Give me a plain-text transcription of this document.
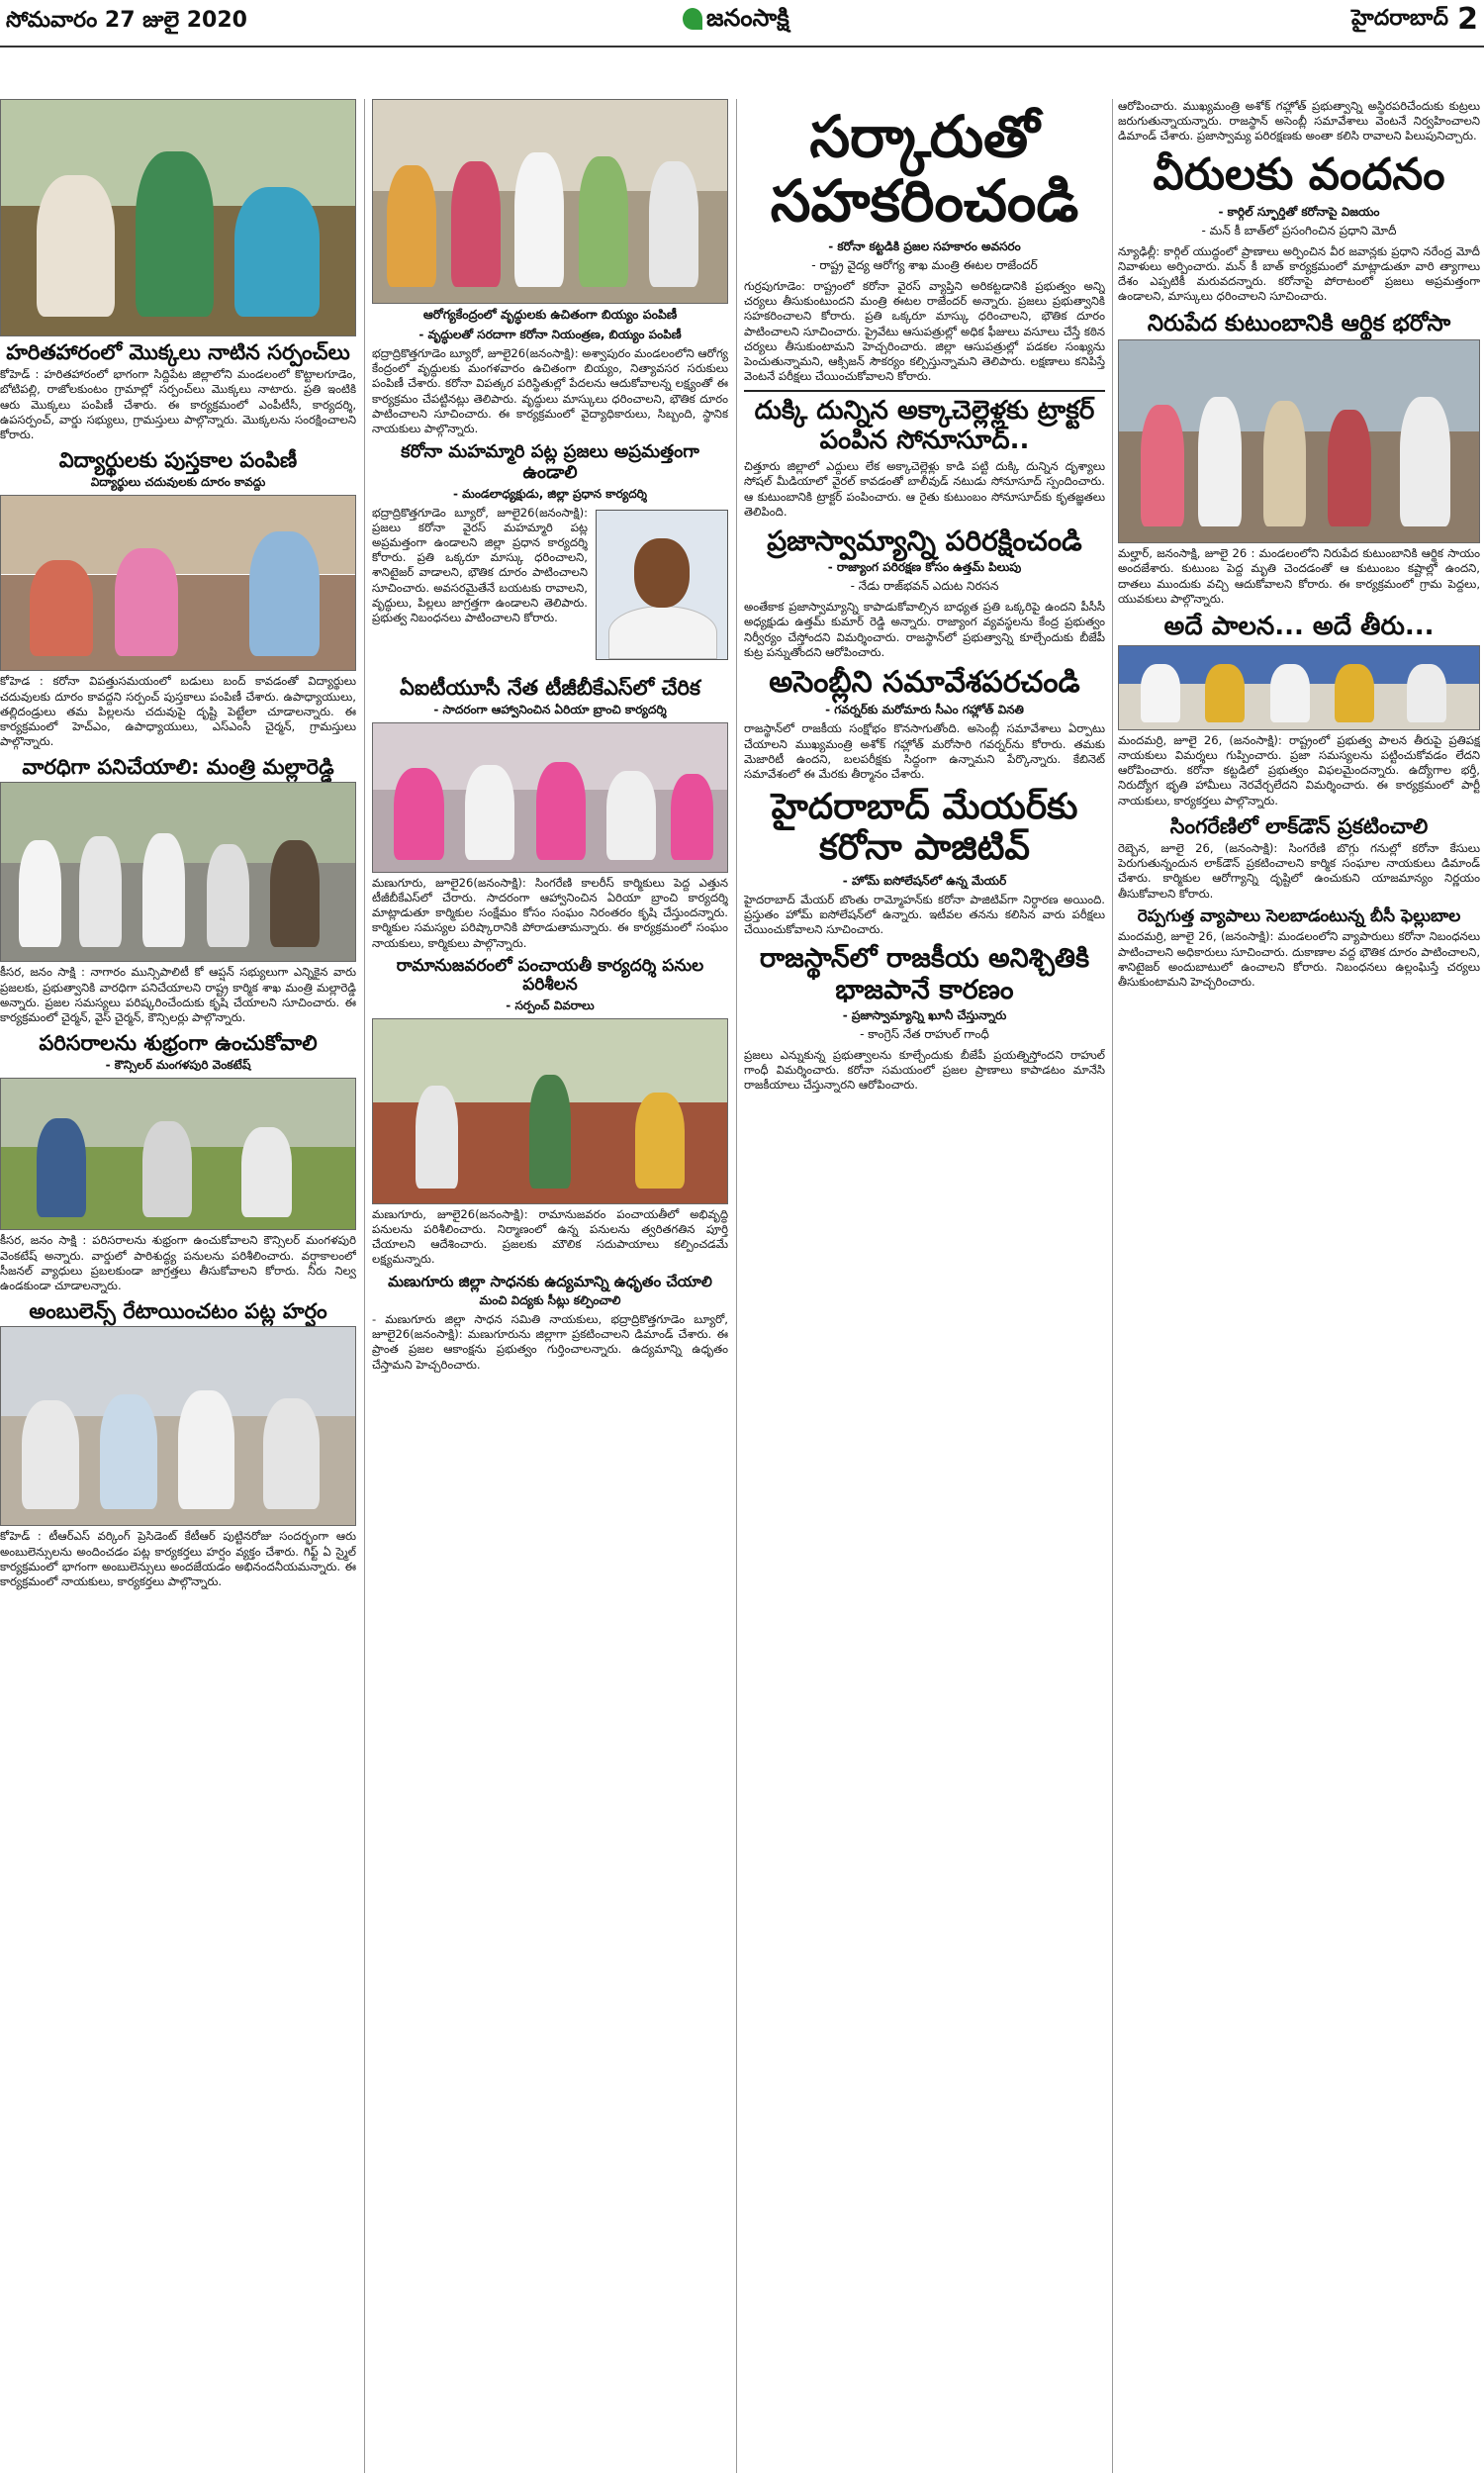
సోమవారం 27 జులై 2020	జనంసాక్షి	హైదరాబాద్ 2
హరితహారంలో మొక్కలు నాటిన సర్పంచ్‌లు
కోహెడ్ : హరితహారంలో భాగంగా సిద్దిపేట జిల్లాలోని మండలంలో కొట్టాలగూడెం, బోటిపల్లి, రాజోలకుంటం గ్రామాల్లో సర్పంచ్‌లు మొక్కలు నాటారు. ప్రతి ఇంటికి ఆరు మొక్కలు పంపిణీ చేశారు. ఈ కార్యక్రమంలో ఎంపీటీసీ, కార్యదర్శి, ఉపసర్పంచ్, వార్డు సభ్యులు, గ్రామస్తులు పాల్గొన్నారు. మొక్కలను సంరక్షించాలని కోరారు.
విద్యార్థులకు పుస్తకాల పంపిణీ
విద్యార్థులు చదువులకు దూరం కావద్దు
కోహెడ : కరోనా విపత్తుసమయంలో బడులు బంద్ కావడంతో విద్యార్థులు చదువులకు దూరం కావద్దని సర్పంచ్ పుస్తకాలు పంపిణీ చేశారు. ఉపాధ్యాయులు, తల్లిదండ్రులు తమ పిల్లలను చదువుపై దృష్టి పెట్టేలా చూడాలన్నారు. ఈ కార్యక్రమంలో హెచ్ఎం, ఉపాధ్యాయులు, ఎస్ఎంసీ చైర్మన్, గ్రామస్తులు పాల్గొన్నారు.
వారధిగా పనిచేయాలి: మంత్రి మల్లారెడ్డి
కీసర, జనం సాక్షి : నాగారం మున్సిపాలిటీ కో ఆప్షన్ సభ్యులుగా ఎన్నికైన వారు ప్రజలకు, ప్రభుత్వానికి వారధిగా పనిచేయాలని రాష్ట్ర కార్మిక శాఖ మంత్రి మల్లారెడ్డి అన్నారు. ప్రజల సమస్యలు పరిష్కరించేందుకు కృషి చేయాలని సూచించారు. ఈ కార్యక్రమంలో చైర్మన్, వైస్ చైర్మన్, కౌన్సిలర్లు పాల్గొన్నారు.
పరిసరాలను శుభ్రంగా ఉంచుకోవాలి
- కౌన్సిలర్ మంగళపురి వెంకటేష్
కీసర, జనం సాక్షి : పరిసరాలను శుభ్రంగా ఉంచుకోవాలని కౌన్సిలర్ మంగళపురి వెంకటేష్ అన్నారు. వార్డులో పారిశుద్ధ్య పనులను పరిశీలించారు. వర్షాకాలంలో సీజనల్ వ్యాధులు ప్రబలకుండా జాగ్రత్తలు తీసుకోవాలని కోరారు. నీరు నిల్వ ఉండకుండా చూడాలన్నారు.
అంబులెన్స్ రేటాయించటం పట్ల హర్షం
కోహెడ్ : టీఆర్ఎస్ వర్కింగ్ ప్రెసిడెంట్ కేటీఆర్ పుట్టినరోజు సందర్భంగా ఆరు అంబులెన్సులను అందించడం పట్ల కార్యకర్తలు హర్షం వ్యక్తం చేశారు. గిఫ్ట్ ఏ స్మైల్ కార్యక్రమంలో భాగంగా అంబులెన్సులు అందజేయడం అభినందనీయమన్నారు. ఈ కార్యక్రమంలో నాయకులు, కార్యకర్తలు పాల్గొన్నారు.
ఆరోగ్యకేంద్రంలో వృద్ధులకు ఉచితంగా బియ్యం పంపిణీ
- వృద్ధులతో సరదాగా కరోనా నియంత్రణ, బియ్యం పంపిణీ
భద్రాద్రికొత్తగూడెం బ్యూరో, జూలై26(జనంసాక్షి): అశ్వాపురం మండలంలోని ఆరోగ్య కేంద్రంలో వృద్ధులకు మంగళవారం ఉచితంగా బియ్యం, నిత్యావసర సరుకులు పంపిణీ చేశారు. కరోనా విపత్కర పరిస్థితుల్లో పేదలను ఆదుకోవాలన్న లక్ష్యంతో ఈ కార్యక్రమం చేపట్టినట్లు తెలిపారు. వృద్ధులు మాస్కులు ధరించాలని, భౌతిక దూరం పాటించాలని సూచించారు. ఈ కార్యక్రమంలో వైద్యాధికారులు, సిబ్బంది, స్థానిక నాయకులు పాల్గొన్నారు.
కరోనా మహమ్మారి పట్ల ప్రజలు అప్రమత్తంగా ఉండాలి
- మండలాధ్యక్షుడు, జిల్లా ప్రధాన కార్యదర్శి
భద్రాద్రికొత్తగూడెం బ్యూరో, జూలై26(జనంసాక్షి): ప్రజలు కరోనా వైరస్ మహమ్మారి పట్ల అప్రమత్తంగా ఉండాలని జిల్లా ప్రధాన కార్యదర్శి కోరారు. ప్రతి ఒక్కరూ మాస్కు ధరించాలని, శానిటైజర్ వాడాలని, భౌతిక దూరం పాటించాలని సూచించారు. అవసరమైతేనే బయటకు రావాలని, వృద్ధులు, పిల్లలు జాగ్రత్తగా ఉండాలని తెలిపారు. ప్రభుత్వ నిబంధనలు పాటించాలని కోరారు.
ఏఐటీయూసీ నేత టీజీబీకేఎస్‌లో చేరిక
- సాదరంగా ఆహ్వానించిన ఏరియా బ్రాంచి కార్యదర్శి
మణుగూరు, జూలై26(జనంసాక్షి): సింగరేణి కాలరీస్ కార్మికులు పెద్ద ఎత్తున టీజీబీకేఎస్‌లో చేరారు. సాదరంగా ఆహ్వానించిన ఏరియా బ్రాంచి కార్యదర్శి మాట్లాడుతూ కార్మికుల సంక్షేమం కోసం సంఘం నిరంతరం కృషి చేస్తుందన్నారు. కార్మికుల సమస్యల పరిష్కారానికి పోరాడుతామన్నారు. ఈ కార్యక్రమంలో సంఘం నాయకులు, కార్మికులు పాల్గొన్నారు.
రామానుజవరంలో పంచాయతీ కార్యదర్శి పనుల పరిశీలన
- సర్పంచ్ వివరాలు
మణుగూరు, జూలై26(జనంసాక్షి): రామానుజవరం పంచాయతీలో అభివృద్ధి పనులను పరిశీలించారు. నిర్మాణంలో ఉన్న పనులను త్వరితగతిన పూర్తి చేయాలని ఆదేశించారు. ప్రజలకు మౌలిక సదుపాయాలు కల్పించడమే లక్ష్యమన్నారు.
మణుగూరు జిల్లా సాధనకు ఉద్యమాన్ని ఉధృతం చేయాలి
మంచి విద్యకు సీట్లు కల్పించాలి
- మణుగూరు జిల్లా సాధన సమితి నాయకులు, భద్రాద్రికొత్తగూడెం బ్యూరో, జూలై26(జనంసాక్షి): మణుగూరును జిల్లాగా ప్రకటించాలని డిమాండ్ చేశారు. ఈ ప్రాంత ప్రజల ఆకాంక్షను ప్రభుత్వం గుర్తించాలన్నారు. ఉద్యమాన్ని ఉధృతం చేస్తామని హెచ్చరించారు.
సర్కారుతో సహకరించండి
- కరోనా కట్టడికి ప్రజల సహకారం అవసరం
- రాష్ట్ర వైద్య ఆరోగ్య శాఖ మంత్రి ఈటల రాజేందర్
గుర్రపుగూడెం: రాష్ట్రంలో కరోనా వైరస్ వ్యాప్తిని అరికట్టడానికి ప్రభుత్వం అన్ని చర్యలు తీసుకుంటుందని మంత్రి ఈటల రాజేందర్ అన్నారు. ప్రజలు ప్రభుత్వానికి సహకరించాలని కోరారు. ప్రతి ఒక్కరూ మాస్కు ధరించాలని, భౌతిక దూరం పాటించాలని సూచించారు. ప్రైవేటు ఆసుపత్రుల్లో అధిక ఫీజులు వసూలు చేస్తే కఠిన చర్యలు తీసుకుంటామని హెచ్చరించారు. జిల్లా ఆసుపత్రుల్లో పడకల సంఖ్యను పెంచుతున్నామని, ఆక్సిజన్ సౌకర్యం కల్పిస్తున్నామని తెలిపారు. లక్షణాలు కనిపిస్తే వెంటనే పరీక్షలు చేయించుకోవాలని కోరారు.
దుక్కి దున్నిన అక్కాచెల్లెళ్లకు ట్రాక్టర్ పంపిన సోనూసూద్..
చిత్తూరు జిల్లాలో ఎద్దులు లేక అక్కాచెల్లెళ్లు కాడి పట్టి దుక్కి దున్నిన దృశ్యాలు సోషల్ మీడియాలో వైరల్ కావడంతో బాలీవుడ్ నటుడు సోనూసూద్ స్పందించారు. ఆ కుటుంబానికి ట్రాక్టర్ పంపించారు. ఆ రైతు కుటుంబం సోనూసూద్‌కు కృతజ్ఞతలు తెలిపింది.
ప్రజాస్వామ్యాన్ని పరిరక్షించండి
- రాజ్యాంగ పరిరక్షణ కోసం ఉత్తమ్ పిలుపు
- నేడు రాజ్‌భవన్ ఎదుట నిరసన
అంతేకాక ప్రజాస్వామ్యాన్ని కాపాడుకోవాల్సిన బాధ్యత ప్రతి ఒక్కరిపై ఉందని పీసీసీ అధ్యక్షుడు ఉత్తమ్ కుమార్ రెడ్డి అన్నారు. రాజ్యాంగ వ్యవస్థలను కేంద్ర ప్రభుత్వం నిర్వీర్యం చేస్తోందని విమర్శించారు. రాజస్థాన్‌లో ప్రభుత్వాన్ని కూల్చేందుకు బీజేపీ కుట్ర పన్నుతోందని ఆరోపించారు.
అసెంబ్లీని సమావేశపరచండి
- గవర్నర్‌కు మరోమారు సీఎం గహ్లోత్ వినతి
రాజస్థాన్‌లో రాజకీయ సంక్షోభం కొనసాగుతోంది. అసెంబ్లీ సమావేశాలు ఏర్పాటు చేయాలని ముఖ్యమంత్రి అశోక్ గహ్లోత్ మరోసారి గవర్నర్‌ను కోరారు. తమకు మెజారిటీ ఉందని, బలపరీక్షకు సిద్ధంగా ఉన్నామని పేర్కొన్నారు. కేబినెట్ సమావేశంలో ఈ మేరకు తీర్మానం చేశారు.
హైదరాబాద్ మేయర్‌కు కరోనా పాజిటివ్
- హోమ్ ఐసోలేషన్‌లో ఉన్న మేయర్
హైదరాబాద్ మేయర్ బొంతు రామ్మోహన్‌కు కరోనా పాజిటివ్‌గా నిర్ధారణ అయింది. ప్రస్తుతం హోమ్ ఐసోలేషన్‌లో ఉన్నారు. ఇటీవల తనను కలిసిన వారు పరీక్షలు చేయించుకోవాలని సూచించారు.
రాజస్థాన్‌లో రాజకీయ అనిశ్చితికి భాజపానే కారణం
- ప్రజాస్వామ్యాన్ని ఖూనీ చేస్తున్నారు
- కాంగ్రెస్ నేత రాహుల్ గాంధీ
ప్రజలు ఎన్నుకున్న ప్రభుత్వాలను కూల్చేందుకు బీజేపీ ప్రయత్నిస్తోందని రాహుల్ గాంధీ విమర్శించారు. కరోనా సమయంలో ప్రజల ప్రాణాలు కాపాడటం మానేసి రాజకీయాలు చేస్తున్నారని ఆరోపించారు.
ఆరోపించారు. ముఖ్యమంత్రి అశోక్ గహ్లోత్ ప్రభుత్వాన్ని అస్థిరపరిచేందుకు కుట్రలు జరుగుతున్నాయన్నారు. రాజస్థాన్ అసెంబ్లీ సమావేశాలు వెంటనే నిర్వహించాలని డిమాండ్ చేశారు. ప్రజాస్వామ్య పరిరక్షణకు అంతా కలిసి రావాలని పిలుపునిచ్చారు.
వీరులకు వందనం
- కార్గిల్ స్ఫూర్తితో కరోనాపై విజయం
- మన్ కీ బాత్‌లో ప్రసంగించిన ప్రధాని మోదీ
న్యూఢిల్లీ: కార్గిల్ యుద్ధంలో ప్రాణాలు అర్పించిన వీర జవాన్లకు ప్రధాని నరేంద్ర మోదీ నివాళులు అర్పించారు. మన్ కీ బాత్ కార్యక్రమంలో మాట్లాడుతూ వారి త్యాగాలు దేశం ఎప్పటికీ మరువదన్నారు. కరోనాపై పోరాటంలో ప్రజలు అప్రమత్తంగా ఉండాలని, మాస్కులు ధరించాలని సూచించారు.
నిరుపేద కుటుంబానికి ఆర్థిక భరోసా
మల్హార్, జనంసాక్షి, జూలై 26 : మండలంలోని నిరుపేద కుటుంబానికి ఆర్థిక సాయం అందజేశారు. కుటుంబ పెద్ద మృతి చెందడంతో ఆ కుటుంబం కష్టాల్లో ఉందని, దాతలు ముందుకు వచ్చి ఆదుకోవాలని కోరారు. ఈ కార్యక్రమంలో గ్రామ పెద్దలు, యువకులు పాల్గొన్నారు.
అదే పాలన... అదే తీరు...
మందమర్రి, జూలై 26, (జనంసాక్షి): రాష్ట్రంలో ప్రభుత్వ పాలన తీరుపై ప్రతిపక్ష నాయకులు విమర్శలు గుప్పించారు. ప్రజా సమస్యలను పట్టించుకోవడం లేదని ఆరోపించారు. కరోనా కట్టడిలో ప్రభుత్వం విఫలమైందన్నారు. ఉద్యోగాల భర్తీ, నిరుద్యోగ భృతి హామీలు నెరవేర్చలేదని విమర్శించారు. ఈ కార్యక్రమంలో పార్టీ నాయకులు, కార్యకర్తలు పాల్గొన్నారు.
సింగరేణిలో లాక్‌డౌన్ ప్రకటించాలి
రెబ్బెన, జూలై 26, (జనంసాక్షి): సింగరేణి బొగ్గు గనుల్లో కరోనా కేసులు పెరుగుతున్నందున లాక్‌డౌన్ ప్రకటించాలని కార్మిక సంఘాల నాయకులు డిమాండ్ చేశారు. కార్మికుల ఆరోగ్యాన్ని దృష్టిలో ఉంచుకుని యాజమాన్యం నిర్ణయం తీసుకోవాలని కోరారు.
రెప్పగుత్త వ్యాపాలు సెలబాడంటున్న బీసీ ఫెల్లుబాల
మందమర్రి, జూలై 26, (జనంసాక్షి): మండలంలోని వ్యాపారులు కరోనా నిబంధనలు పాటించాలని అధికారులు సూచించారు. దుకాణాల వద్ద భౌతిక దూరం పాటించాలని, శానిటైజర్ అందుబాటులో ఉంచాలని కోరారు. నిబంధనలు ఉల్లంఘిస్తే చర్యలు తీసుకుంటామని హెచ్చరించారు.
